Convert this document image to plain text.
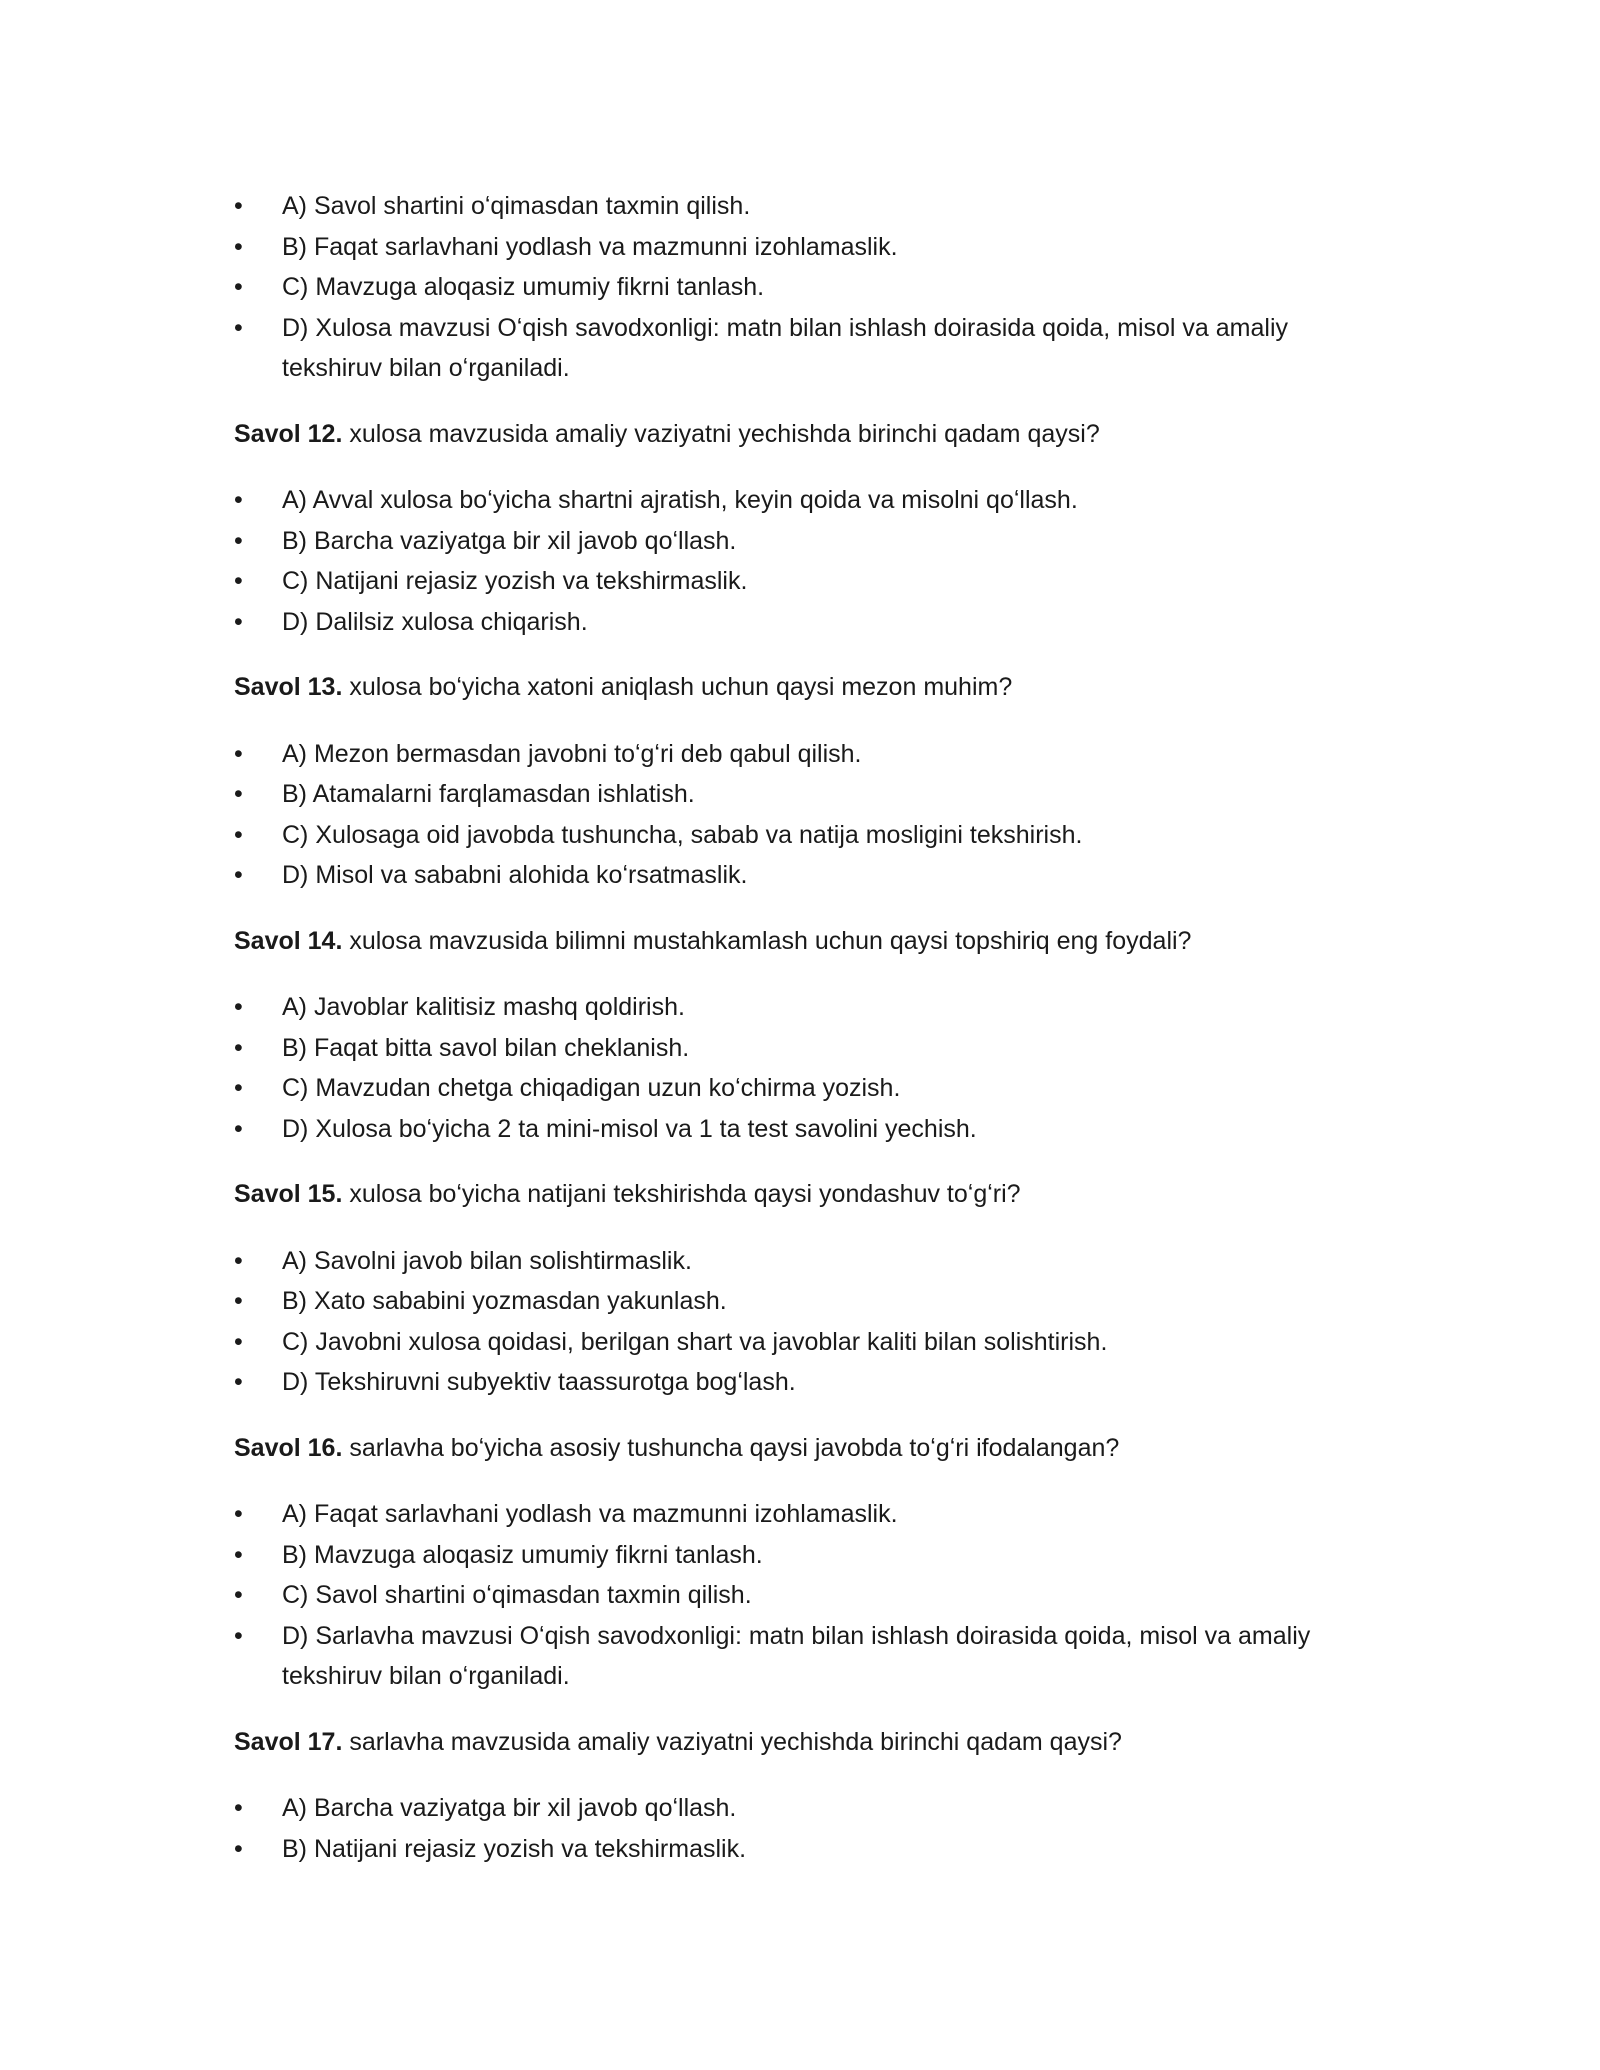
•	A) Savol shartini oʻqimasdan taxmin qilish.
•	B) Faqat sarlavhani yodlash va mazmunni izohlamaslik.
•	C) Mavzuga aloqasiz umumiy fikrni tanlash.
•	D) Xulosa mavzusi Oʻqish savodxonligi: matn bilan ishlash doirasida qoida, misol va amaliy tekshiruv bilan oʻrganiladi.

Savol 12. xulosa mavzusida amaliy vaziyatni yechishda birinchi qadam qaysi?

•	A) Avval xulosa boʻyicha shartni ajratish, keyin qoida va misolni qoʻllash.
•	B) Barcha vaziyatga bir xil javob qoʻllash.
•	C) Natijani rejasiz yozish va tekshirmaslik.
•	D) Dalilsiz xulosa chiqarish.

Savol 13. xulosa boʻyicha xatoni aniqlash uchun qaysi mezon muhim?

•	A) Mezon bermasdan javobni toʻgʻri deb qabul qilish.
•	B) Atamalarni farqlamasdan ishlatish.
•	C) Xulosaga oid javobda tushuncha, sabab va natija mosligini tekshirish.
•	D) Misol va sababni alohida koʻrsatmaslik.

Savol 14. xulosa mavzusida bilimni mustahkamlash uchun qaysi topshiriq eng foydali?

•	A) Javoblar kalitisiz mashq qoldirish.
•	B) Faqat bitta savol bilan cheklanish.
•	C) Mavzudan chetga chiqadigan uzun koʻchirma yozish.
•	D) Xulosa boʻyicha 2 ta mini-misol va 1 ta test savolini yechish.

Savol 15. xulosa boʻyicha natijani tekshirishda qaysi yondashuv toʻgʻri?

•	A) Savolni javob bilan solishtirmaslik.
•	B) Xato sababini yozmasdan yakunlash.
•	C) Javobni xulosa qoidasi, berilgan shart va javoblar kaliti bilan solishtirish.
•	D) Tekshiruvni subyektiv taassurotga bogʻlash.

Savol 16. sarlavha boʻyicha asosiy tushuncha qaysi javobda toʻgʻri ifodalangan?

•	A) Faqat sarlavhani yodlash va mazmunni izohlamaslik.
•	B) Mavzuga aloqasiz umumiy fikrni tanlash.
•	C) Savol shartini oʻqimasdan taxmin qilish.
•	D) Sarlavha mavzusi Oʻqish savodxonligi: matn bilan ishlash doirasida qoida, misol va amaliy tekshiruv bilan oʻrganiladi.

Savol 17. sarlavha mavzusida amaliy vaziyatni yechishda birinchi qadam qaysi?

•	A) Barcha vaziyatga bir xil javob qoʻllash.
•	B) Natijani rejasiz yozish va tekshirmaslik.
